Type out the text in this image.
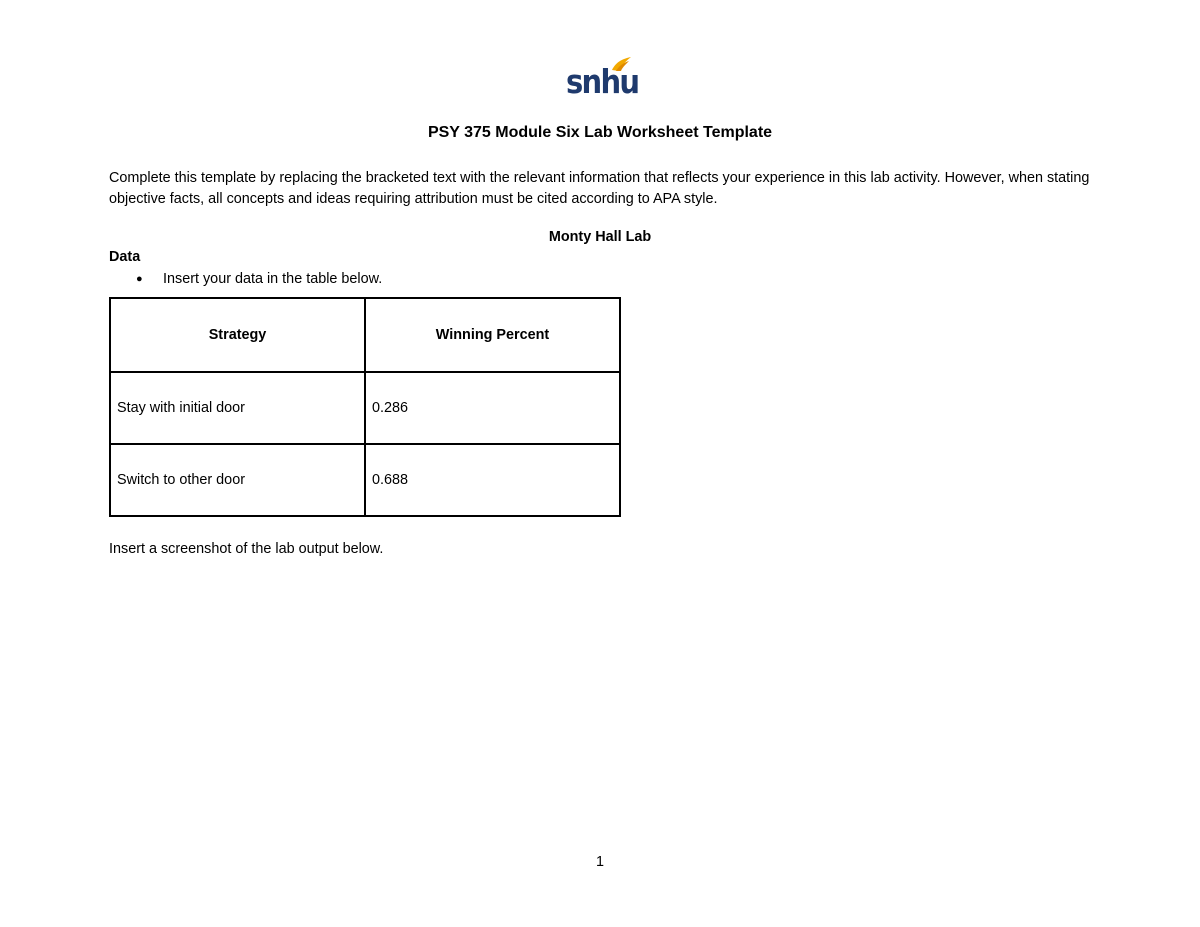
snhu
PSY 375 Module Six Lab Worksheet Template
Complete this template by replacing the bracketed text with the relevant information that reflects your experience in this lab activity. However, when stating objective facts, all concepts and ideas requiring attribution must be cited according to APA style.
Monty Hall Lab
Data
● Insert your data in the table below.
Strategy	Winning Percent
Stay with initial door	0.286
Switch to other door	0.688
Insert a screenshot of the lab output below.
1
